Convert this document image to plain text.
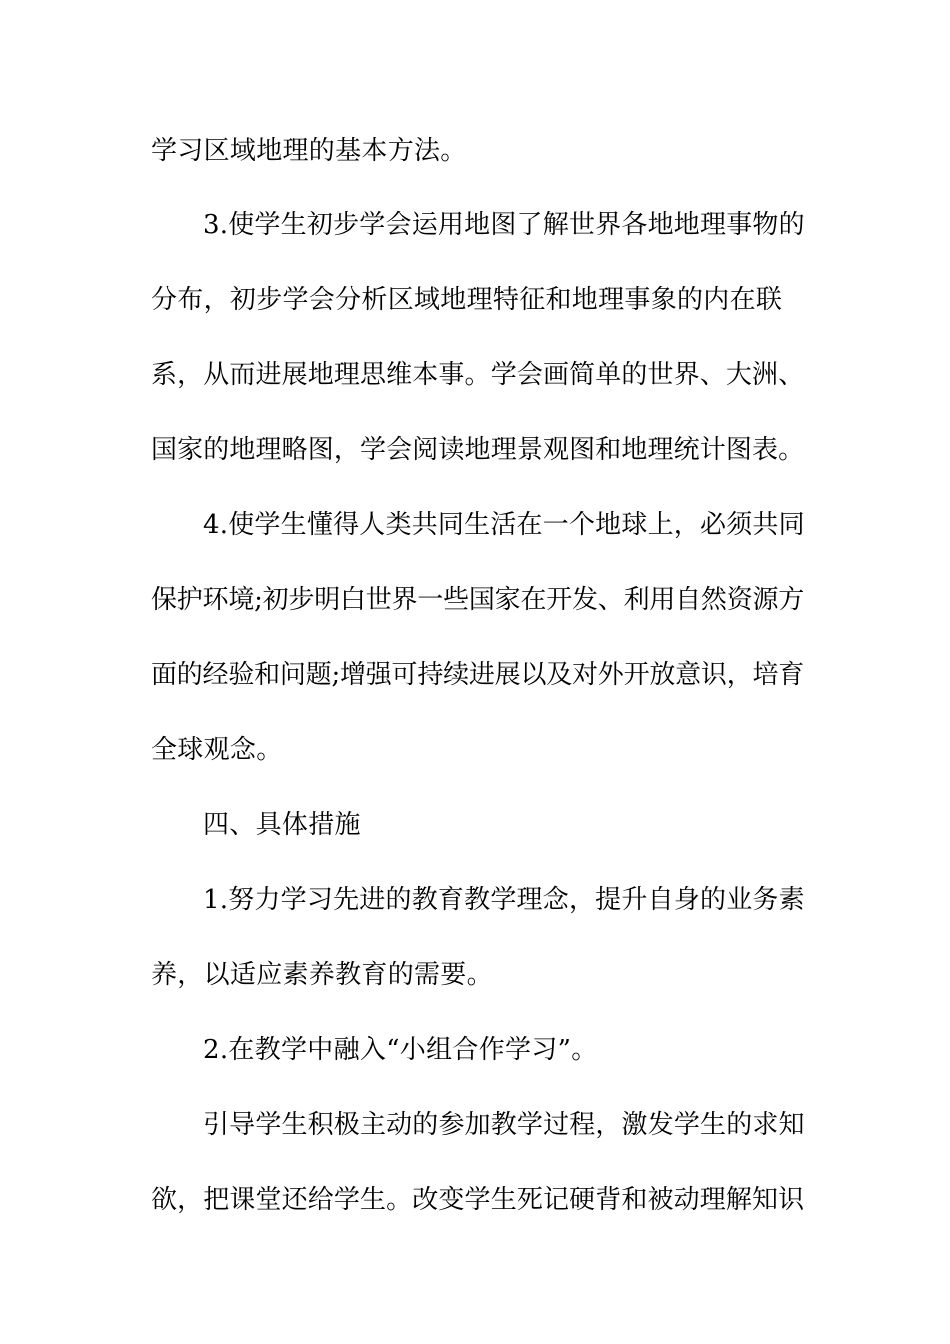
学习区域地理的基本方法。
3.使学生初步学会运用地图了解世界各地地理事物的
分布，初步学会分析区域地理特征和地理事象的内在联
系，从而进展地理思维本事。学会画简单的世界、大洲、
国家的地理略图，学会阅读地理景观图和地理统计图表。
4.使学生懂得人类共同生活在一个地球上，必须共同
保护环境;初步明白世界一些国家在开发、利用自然资源方
面的经验和问题;增强可持续进展以及对外开放意识，培育
全球观念。
四、具体措施
1.努力学习先进的教育教学理念，提升自身的业务素
养，以适应素养教育的需要。
2.在教学中融入“小组合作学习”。
引导学生积极主动的参加教学过程，激发学生的求知
欲，把课堂还给学生。改变学生死记硬背和被动理解知识
